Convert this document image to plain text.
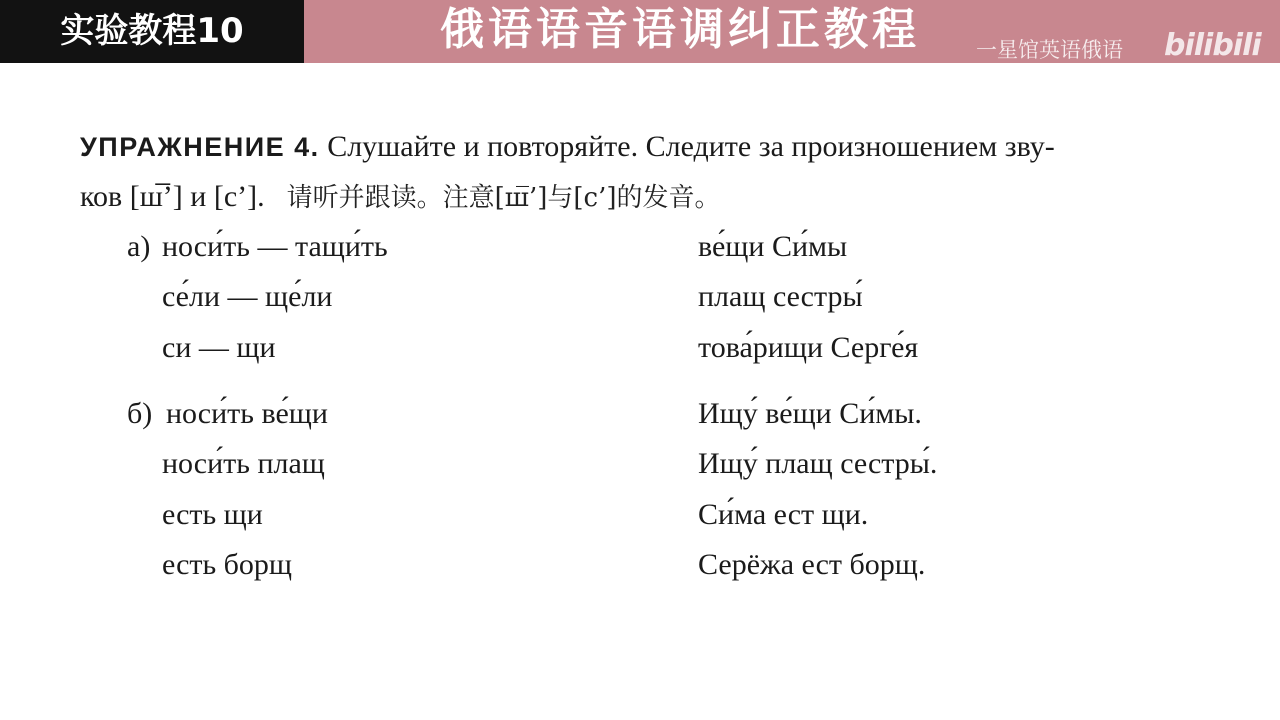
实验教程10	俄语语音语调纠正教程	一星馆英语俄语 bilibili
УПРАЖНЕНИЕ 4. Слушайте и повторяйте. Следите за произношением зву-
ков [ш̅’] и [с’]. 请听并跟读。注意[ш̅’]与[с’]的发音。
а) носи́ть — тащи́ть
се́ли — ще́ли
си — щи
ве́щи Си́мы
плащ сестры́
това́рищи Серге́я
б) носи́ть ве́щи
носи́ть плащ
есть щи
есть борщ
Ищу́ ве́щи Си́мы.
Ищу́ плащ сестры́.
Си́ма ест щи.
Серёжа ест борщ.
